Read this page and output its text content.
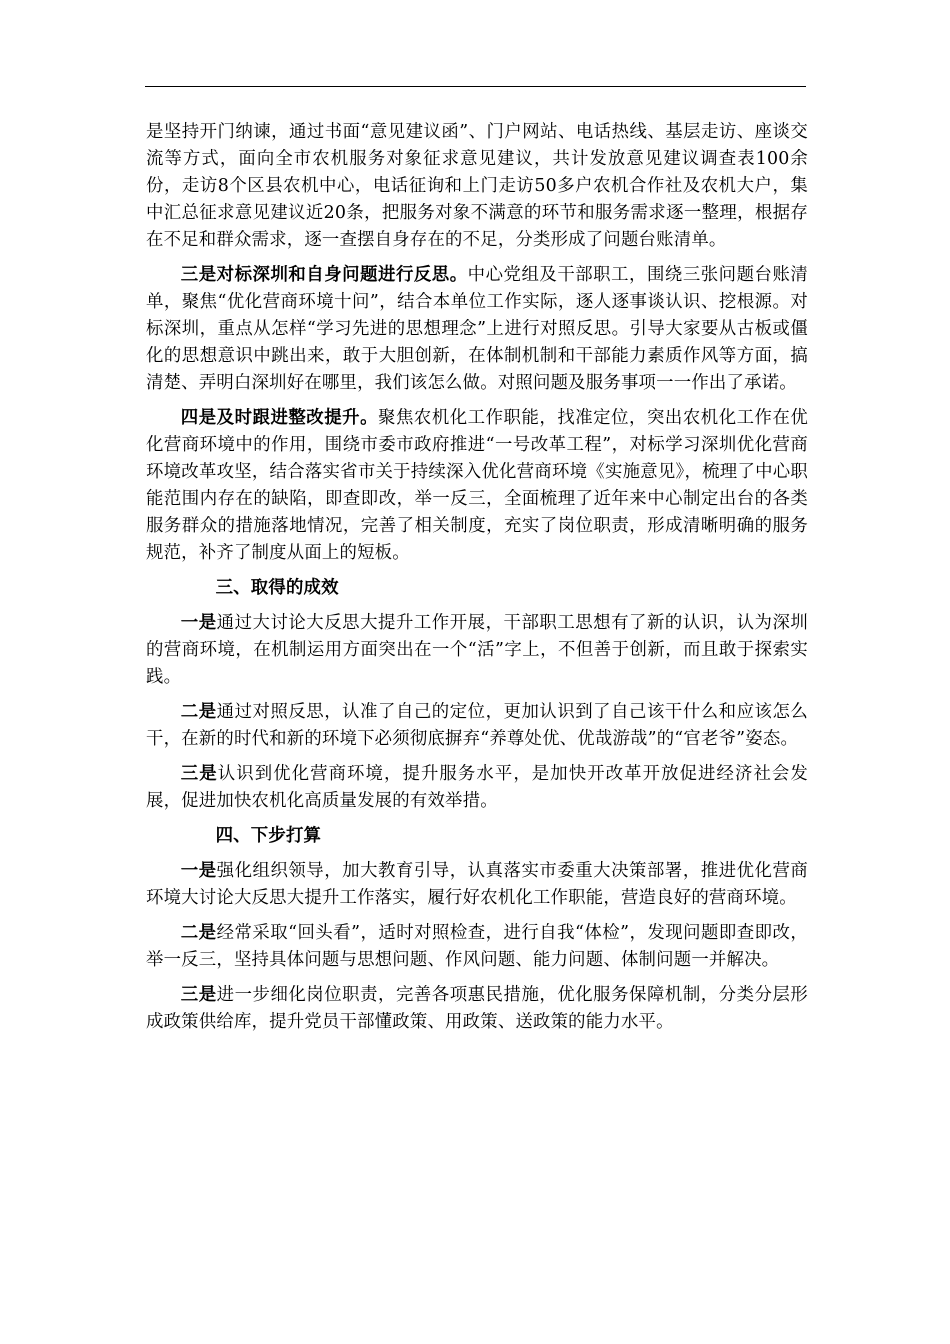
是坚持开门纳谏，通过书面“意见建议函”、门户网站、电话热线、基层走访、座谈交流等方式，面向全市农机服务对象征求意见建议，共计发放意见建议调查表100余份，走访8个区县农机中心，电话征询和上门走访50多户农机合作社及农机大户，集中汇总征求意见建议近20条，把服务对象不满意的环节和服务需求逐一整理，根据存在不足和群众需求，逐一查摆自身存在的不足，分类形成了问题台账清单。

三是对标深圳和自身问题进行反思。中心党组及干部职工，围绕三张问题台账清单，聚焦“优化营商环境十问”，结合本单位工作实际，逐人逐事谈认识、挖根源。对标深圳，重点从怎样“学习先进的思想理念”上进行对照反思。引导大家要从古板或僵化的思想意识中跳出来，敢于大胆创新，在体制机制和干部能力素质作风等方面，搞清楚、弄明白深圳好在哪里，我们该怎么做。对照问题及服务事项一一作出了承诺。

四是及时跟进整改提升。聚焦农机化工作职能，找准定位，突出农机化工作在优化营商环境中的作用，围绕市委市政府推进“一号改革工程”，对标学习深圳优化营商环境改革攻坚，结合落实省市关于持续深入优化营商环境《实施意见》，梳理了中心职能范围内存在的缺陷，即查即改，举一反三，全面梳理了近年来中心制定出台的各类服务群众的措施落地情况，完善了相关制度，充实了岗位职责，形成清晰明确的服务规范，补齐了制度从面上的短板。

三、取得的成效

一是通过大讨论大反思大提升工作开展，干部职工思想有了新的认识，认为深圳的营商环境，在机制运用方面突出在一个“活”字上，不但善于创新，而且敢于探索实践。

二是通过对照反思，认准了自己的定位，更加认识到了自己该干什么和应该怎么干，在新的时代和新的环境下必须彻底摒弃“养尊处优、优哉游哉”的“官老爷”姿态。

三是认识到优化营商环境，提升服务水平，是加快开改革开放促进经济社会发展，促进加快农机化高质量发展的有效举措。

四、下步打算

一是强化组织领导，加大教育引导，认真落实市委重大决策部署，推进优化营商环境大讨论大反思大提升工作落实，履行好农机化工作职能，营造良好的营商环境。

二是经常采取“回头看”，适时对照检查，进行自我“体检”，发现问题即查即改，举一反三，坚持具体问题与思想问题、作风问题、能力问题、体制问题一并解决。

三是进一步细化岗位职责，完善各项惠民措施，优化服务保障机制，分类分层形成政策供给库，提升党员干部懂政策、用政策、送政策的能力水平。
